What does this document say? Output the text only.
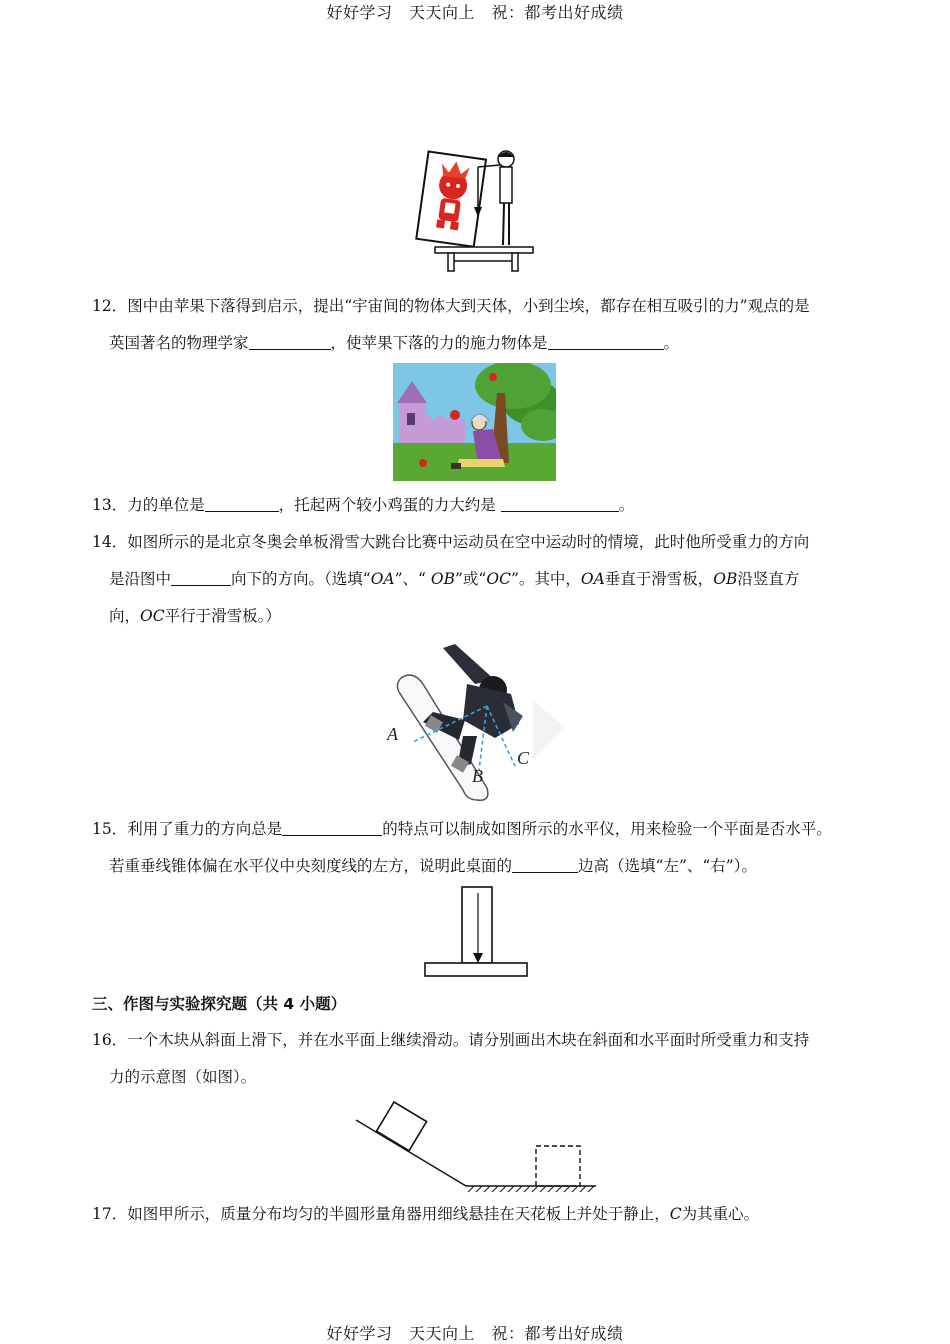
好好学习　天天向上　祝：都考出好成绩
12．图中由苹果下落得到启示，提出“宇宙间的物体大到天体，小到尘埃，都存在相互吸引的力”观点的是
英国著名的物理学家	，使苹果下落的力的施力物体是	。
13．力的单位是	，托起两个较小鸡蛋的力大约是	。
14．如图所示的是北京冬奥会单板滑雪大跳台比赛中运动员在空中运动时的情境，此时他所受重力的方向
是沿图中	向下的方向。（选填“OA”、“ OB”或“OC”。其中，OA垂直于滑雪板，OB沿竖直方
向，OC平行于滑雪板。）
A
B
C
15．利用了重力的方向总是	的特点可以制成如图所示的水平仪，用来检验一个平面是否水平。
若重垂线锥体偏在水平仪中央刻度线的左方，说明此桌面的	边高（选填“左”、“右”）。
三、作图与实验探究题（共 4 小题）
16．一个木块从斜面上滑下，并在水平面上继续滑动。请分别画出木块在斜面和水平面时所受重力和支持
力的示意图（如图）。
17．如图甲所示，质量分布均匀的半圆形量角器用细线悬挂在天花板上并处于静止，C为其重心。
好好学习　天天向上　祝：都考出好成绩
